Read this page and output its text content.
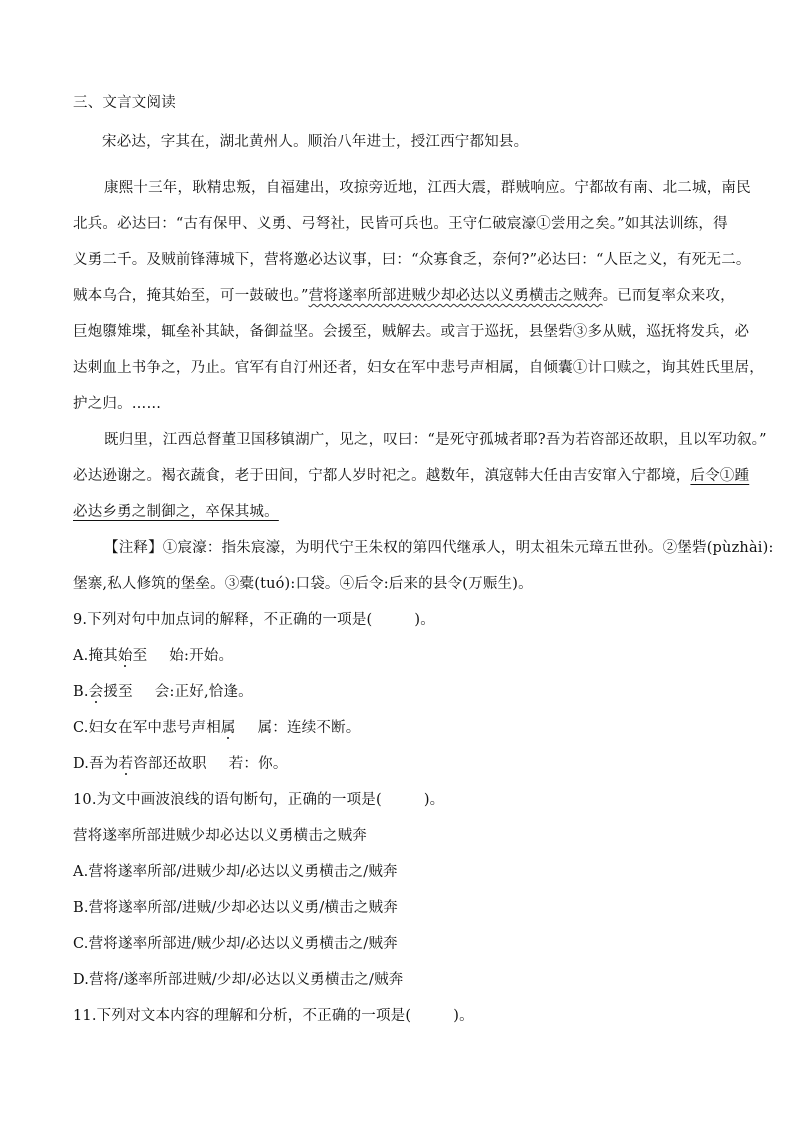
三、文言文阅读
宋必达，字其在，湖北黄州人。顺治八年进士，授江西宁都知县。
康熙十三年，耿精忠叛，自福建出，攻掠旁近地，江西大震，群贼响应。宁都故有南、北二城，南民
北兵。必达曰：“古有保甲、义勇、弓弩社，民皆可兵也。王守仁破宸濠①尝用之矣。”如其法训练，得
义勇二千。及贼前锋薄城下，营将邀必达议事，曰：“众寡食乏，奈何?”必达曰：“人臣之义，有死无二。
贼本乌合，掩其始至，可一鼓破也。”营将遂率所部进贼少却必达以义勇横击之贼奔。已而复率众来攻，
巨炮隳雉堞，辄垒补其缺，备御益坚。会援至，贼解去。或言于巡抚，县堡砦③多从贼，巡抚将发兵，必
达刺血上书争之，乃止。官军有自汀州还者，妇女在军中悲号声相属，自倾囊①计口赎之，询其姓氏里居，
护之归。……
既归里，江西总督董卫国移镇湖广，见之，叹曰：“是死守孤城者耶?吾为若咨部还故职，且以军功叙。”
必达逊谢之。褐衣蔬食，老于田间，宁都人岁时祀之。越数年，滇寇韩大任由吉安窜入宁都境，后令①踵
必达乡勇之制御之，卒保其城。
【注释】①宸濠：指朱宸濠，为明代宁王朱权的第四代继承人，明太祖朱元璋五世孙。②堡砦(pùzhài):
堡寨,私人修筑的堡垒。③橐(tuó):口袋。④后令:后来的县令(万赈生)。
9.下列对句中加点词的解释，不正确的一项是(	)。
A.掩其始至 始:开始。
B.会援至 会:正好,恰逢。
C.妇女在军中悲号声相属 属：连续不断。
D.吾为若咨部还故职 若：你。
10.为文中画波浪线的语句断句，正确的一项是(	)。
营将遂率所部进贼少却必达以义勇横击之贼奔
A.营将遂率所部/进贼少却/必达以义勇横击之/贼奔
B.营将遂率所部/进贼/少却必达以义勇/横击之贼奔
C.营将遂率所部进/贼少却/必达以义勇横击之/贼奔
D.营将/遂率所部进贼/少却/必达以义勇横击之/贼奔
11.下列对文本内容的理解和分析，不正确的一项是(	)。
